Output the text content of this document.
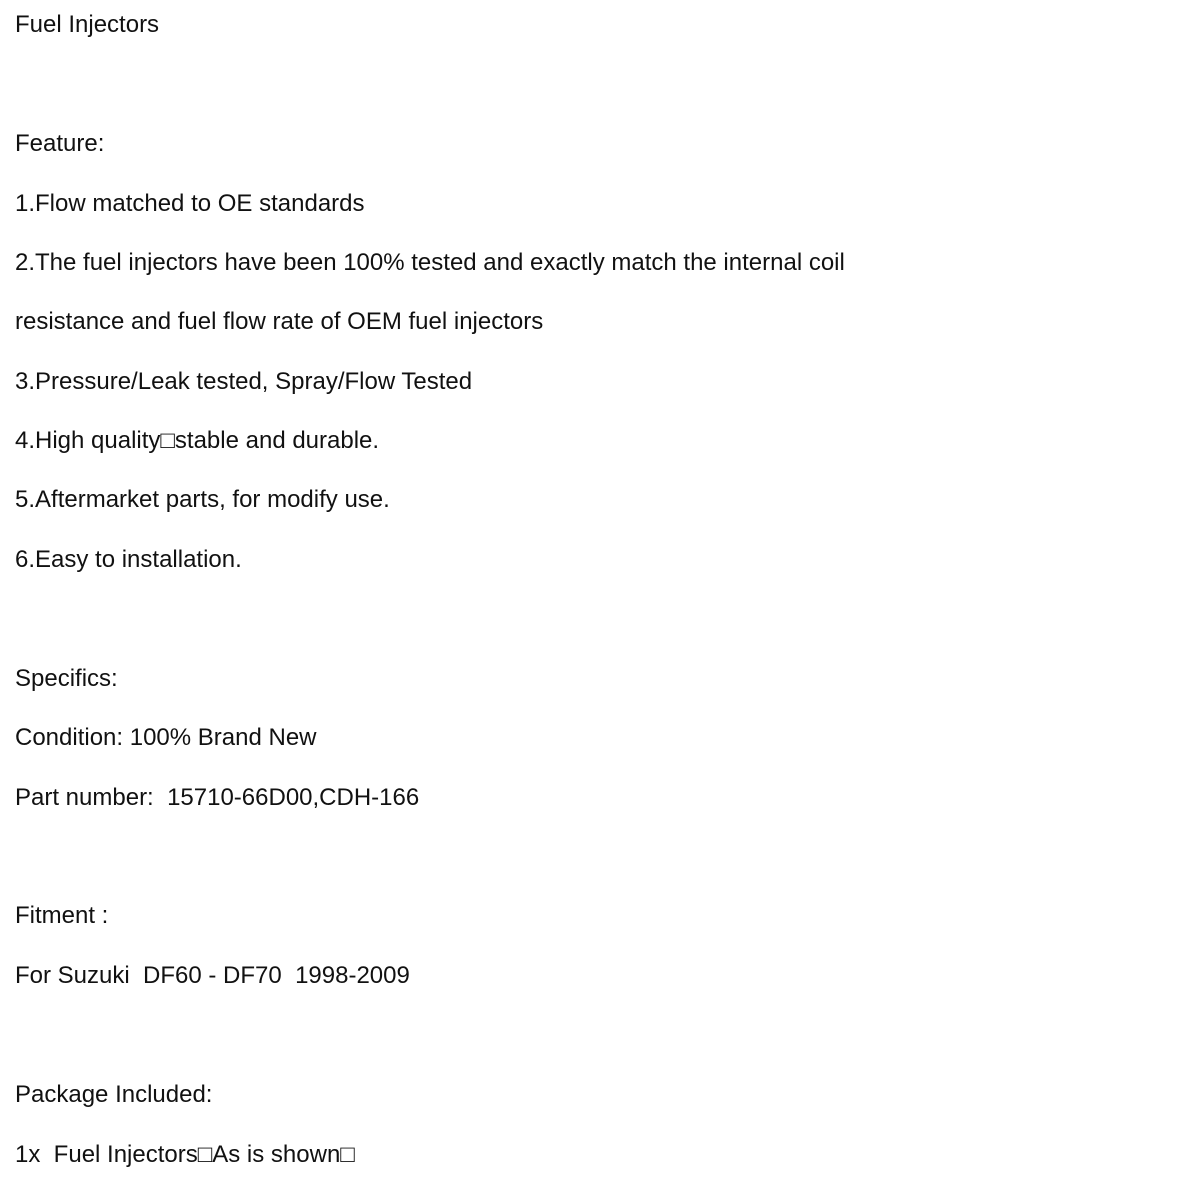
Fuel Injectors

Feature:

1.Flow matched to OE standards

2.The fuel injectors have been 100% tested and exactly match the internal coil

resistance and fuel flow rate of OEM fuel injectors

3.Pressure/Leak tested, Spray/Flow Tested

4.High quality□stable and durable.

5.Aftermarket parts, for modify use.

6.Easy to installation.

Specifics:

Condition: 100% Brand New

Part number:  15710-66D00,CDH-166

Fitment :

For Suzuki  DF60 - DF70  1998-2009

Package Included:

1x  Fuel Injectors□As is shown□
